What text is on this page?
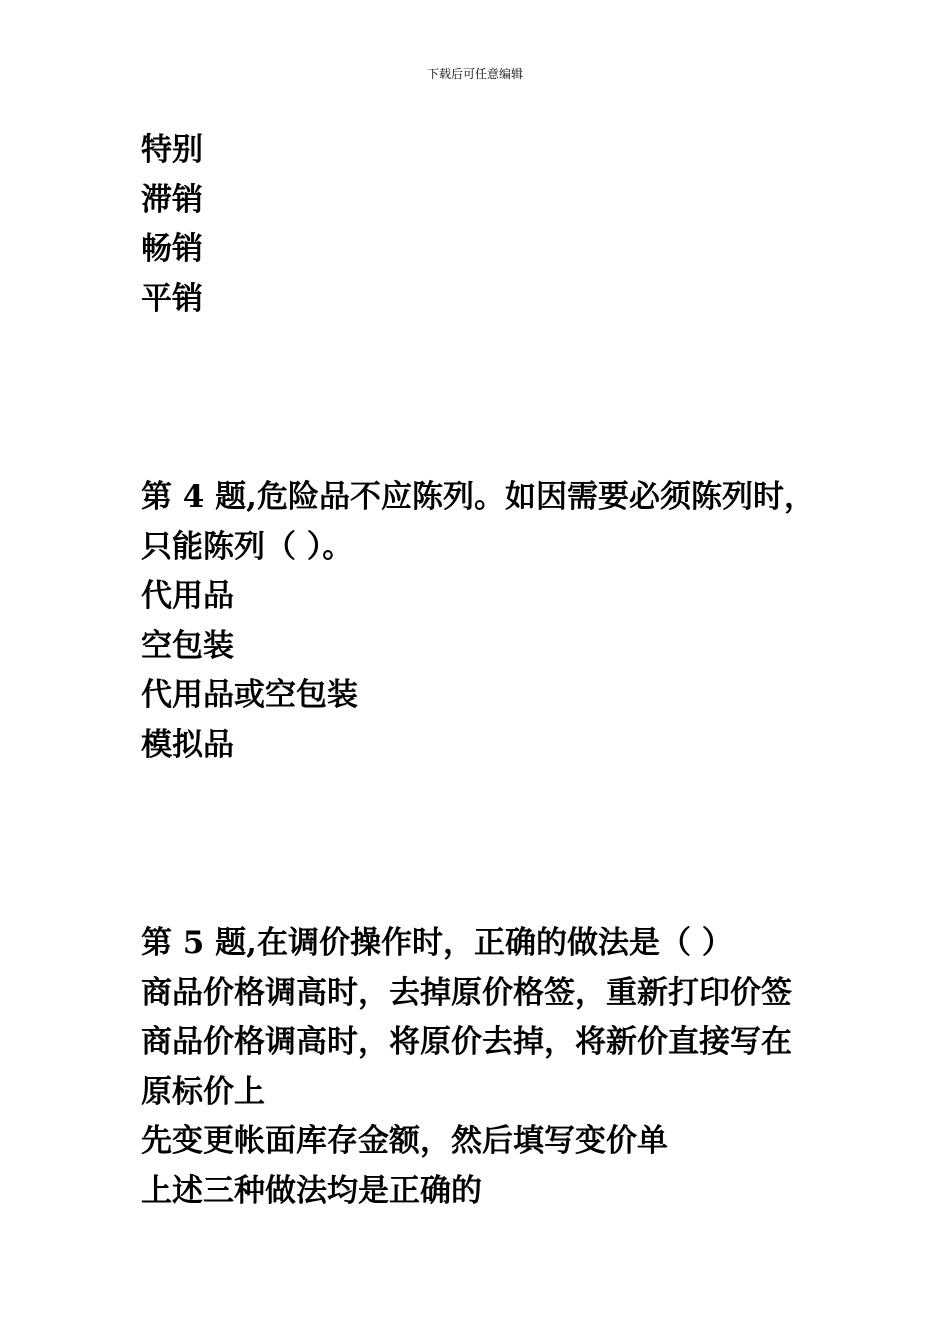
下载后可任意编辑
特别
滞销
畅销
平销
第 4 题,危险品不应陈列。如因需要必须陈列时，
只能陈列（ ）。
代用品
空包装
代用品或空包装
模拟品
第 5 题,在调价操作时，正确的做法是（ ）
商品价格调高时，去掉原价格签，重新打印价签
商品价格调高时，将原价去掉，将新价直接写在
原标价上
先变更帐面库存金额，然后填写变价单
上述三种做法均是正确的
